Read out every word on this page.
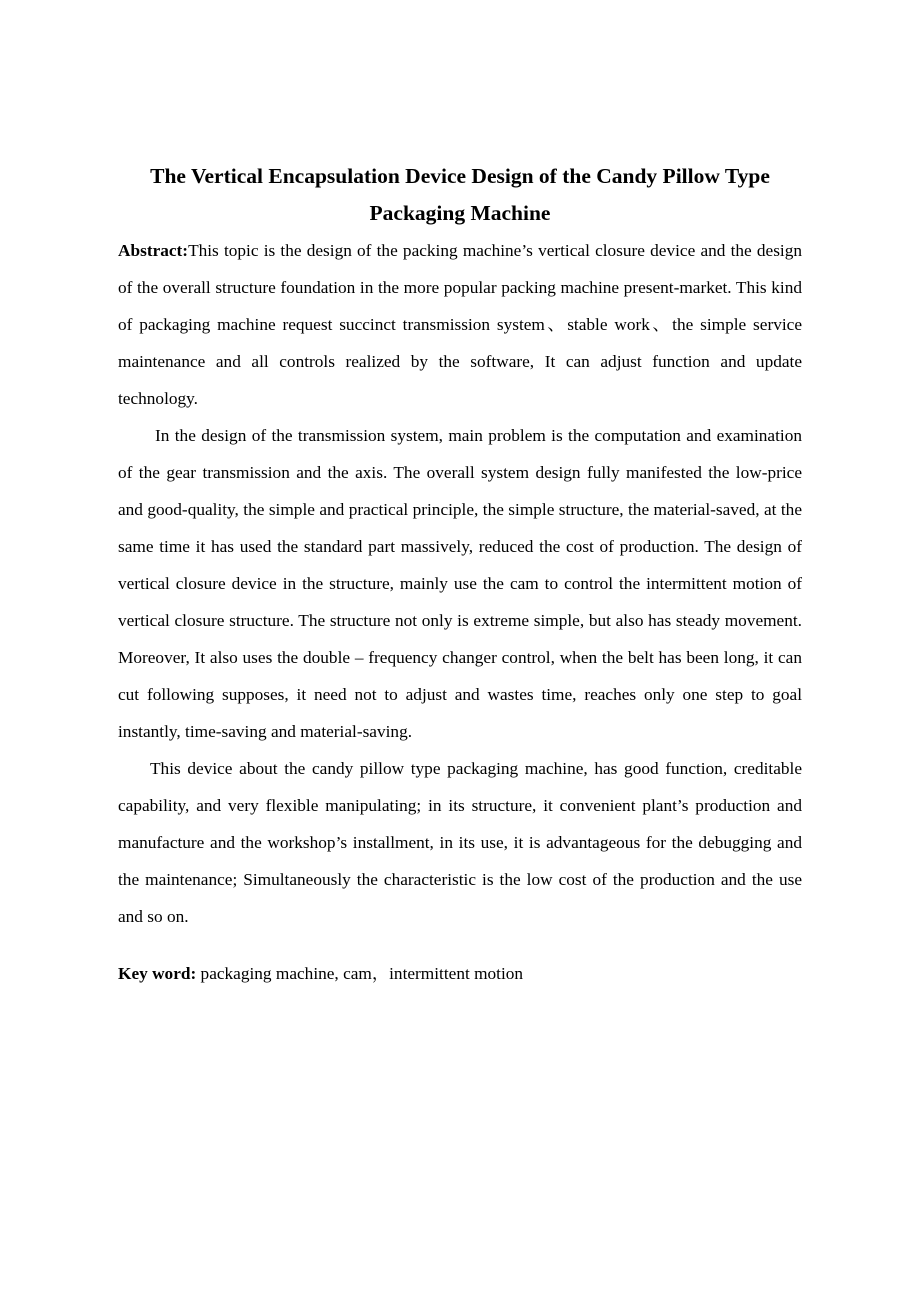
The Vertical Encapsulation Device Design of the Candy Pillow Type Packaging Machine

Abstract:This topic is the design of the packing machine’s vertical closure device and the design of the overall structure foundation in the more popular packing machine present-market. This kind of packaging machine request succinct transmission system、stable work、the simple service maintenance and all controls realized by the software, It can adjust function and update technology.

In the design of the transmission system, main problem is the computation and examination of the gear transmission and the axis. The overall system design fully manifested the low-price and good-quality, the simple and practical principle, the simple structure, the material-saved, at the same time it has used the standard part massively, reduced the cost of production. The design of vertical closure device in the structure, mainly use the cam to control the intermittent motion of vertical closure structure. The structure not only is extreme simple, but also has steady movement. Moreover, It also uses the double – frequency changer control, when the belt has been long, it can cut following supposes, it need not to adjust and wastes time, reaches only one step to goal instantly, time-saving and material-saving.

This device about the candy pillow type packaging machine, has good function, creditable capability, and very flexible manipulating; in its structure, it convenient plant’s production and manufacture and the workshop’s installment, in its use, it is advantageous for the debugging and the maintenance; Simultaneously the characteristic is the low cost of the production and the use and so on.

Key word: packaging machine, cam，intermittent motion
